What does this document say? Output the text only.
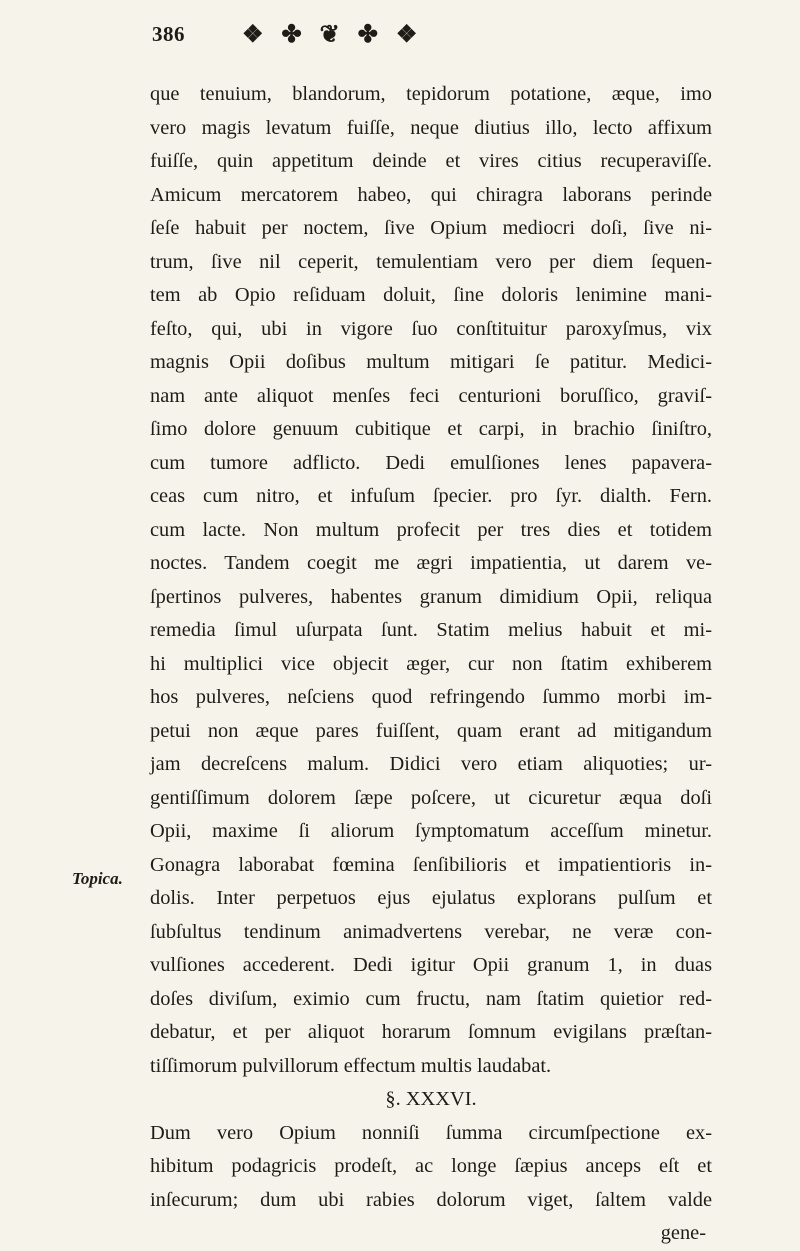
386 ❖ ✤ ❦ ✤ ❖
que tenuium, blandorum, tepidorum potatione, æque, imo
vero magis levatum fuiſſe, neque diutius illo, lecto affixum
fuiſſe, quin appetitum deinde et vires citius recuperaviſſe.
Amicum mercatorem habeo, qui chiragra laborans perinde
ſeſe habuit per noctem, ſive Opium mediocri doſi, ſive ni-
trum, ſive nil ceperit, temulentiam vero per diem ſequen-
tem ab Opio reſiduam doluit, ſine doloris lenimine mani-
feſto, qui, ubi in vigore ſuo conſtituitur paroxyſmus, vix
magnis Opii doſibus multum mitigari ſe patitur. Medici-
nam ante aliquot menſes feci centurioni boruſſico, graviſ-
ſimo dolore genuum cubitique et carpi, in brachio ſiniſtro,
cum tumore adflicto. Dedi emulſiones lenes papavera-
ceas cum nitro, et infuſum ſpecier. pro ſyr. dialth. Fern.
cum lacte. Non multum profecit per tres dies et totidem
noctes. Tandem coegit me ægri impatientia, ut darem ve-
ſpertinos pulveres, habentes granum dimidium Opii, reliqua
remedia ſimul uſurpata ſunt. Statim melius habuit et mi-
hi multiplici vice objecit æger, cur non ſtatim exhiberem
hos pulveres, neſciens quod refringendo ſummo morbi im-
petui non æque pares fuiſſent, quam erant ad mitigandum
jam decreſcens malum. Didici vero etiam aliquoties; ur-
gentiſſimum dolorem ſæpe poſcere, ut cicuretur æqua doſi
Opii, maxime ſi aliorum ſymptomatum acceſſum minetur.
Gonagra laborabat fœmina ſenſibilioris et impatientioris in-
dolis. Inter perpetuos ejus ejulatus explorans pulſum et
ſubſultus tendinum animadvertens verebar, ne veræ con-
vulſiones accederent. Dedi igitur Opii granum 1, in duas
doſes diviſum, eximio cum fructu, nam ſtatim quietior red-
debatur, et per aliquot horarum ſomnum evigilans præſtan-
tiſſimorum pulvillorum effectum multis laudabat.
§. XXXVI.
Dum vero Opium nonniſi ſumma circumſpectione ex-
hibitum podagricis prodeſt, ac longe ſæpius anceps eſt et
inſecurum; dum ubi rabies dolorum viget, ſaltem valde
gene-
Topica.
